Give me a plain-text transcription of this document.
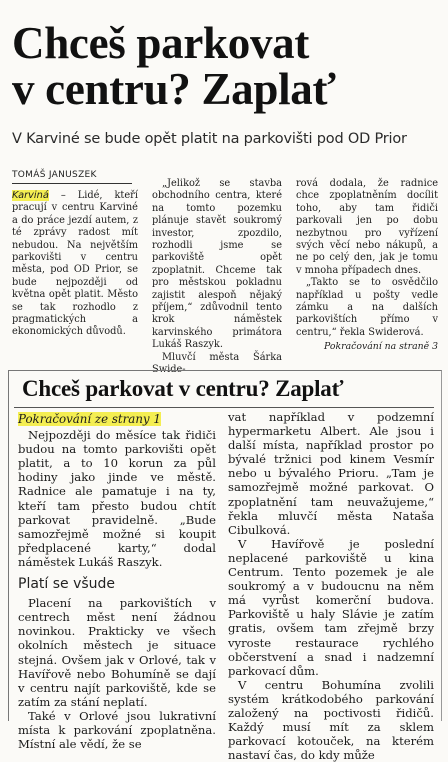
Chceš parkovat
v centru? Zaplať

V Karviné se bude opět platit na parkovišti pod OD Prior

TOMÁŠ JANUSZEK

Karviná – Lidé, kteří pracují v centru Karviné a do práce jezdí autem, z té zprávy radost mít nebudou. Na největším parkovišti v centru města, pod OD Prior, se bude nejpozději od května opět platit. Město se tak rozhodlo z pragmatických a ekonomických důvodů.

„Jelikož se stavba obchodního centra, které na tomto pozemku plánuje stavět soukromý investor, zpozdilo, rozhodli jsme se parkoviště opět zpoplatnit. Chceme tak pro městskou pokladnu zajistit alespoň nějaký příjem,“ zdůvodnil tento krok náměstek karvinského primátora Lukáš Raszyk.

Mluvčí města Šárka Swide-

rová dodala, že radnice chce zpoplatněním docílit toho, aby tam řidiči parkovali jen po dobu nezbytnou pro vyřízení svých věcí nebo nákupů, a ne po celý den, jak je tomu v mnoha případech dnes.

„Takto se to osvědčilo například u pošty vedle zámku a na dalších parkovištích přímo v centru,“ řekla Swiderová.

Pokračování na straně 3

Chceš parkovat v centru? Zaplať

Pokračování ze strany 1

Nejpozději do měsíce tak řidiči budou na tomto parkovišti opět platit, a to 10 korun za půl hodiny jako jinde ve městě. Radnice ale pamatuje i na ty, kteří tam přesto budou chtít parkovat pravidelně. „Bude samozřejmě možné si koupit předplacené karty,“ dodal náměstek Lukáš Raszyk.

Platí se všude

Placení na parkovištích v centrech měst není žádnou novinkou. Prakticky ve všech okolních městech je situace stejná. Ovšem jak v Orlové, tak v Havířově nebo Bohumíně se dají v centru najít parkoviště, kde se zatím za stání neplatí.

Také v Orlové jsou lukrativní místa k parkování zpoplatněna. Místní ale vědí, že se

vat například v podzemní hypermarketu Albert. Ale jsou i další místa, například prostor po bývalé tržnici pod kinem Vesmír nebo u bývalého Prioru. „Tam je samozřejmě možné parkovat. O zpoplatnění tam neuvažujeme,“ řekla mluvčí města Nataša Cibulková.

V Havířově je poslední neplacené parkoviště u kina Centrum. Tento pozemek je ale soukromý a v budoucnu na něm má vyrůst komerční budova. Parkoviště u haly Slávie je zatím gratis, ovšem tam zřejmě brzy vyroste restaurace rychlého občerstvení a snad i nadzemní parkovací dům.

V centru Bohumína zvolili systém krátkodobého parkování založený na poctivosti řidičů. Každý musí mít za sklem parkovací kotouček, na kterém nastaví čas, do kdy může
